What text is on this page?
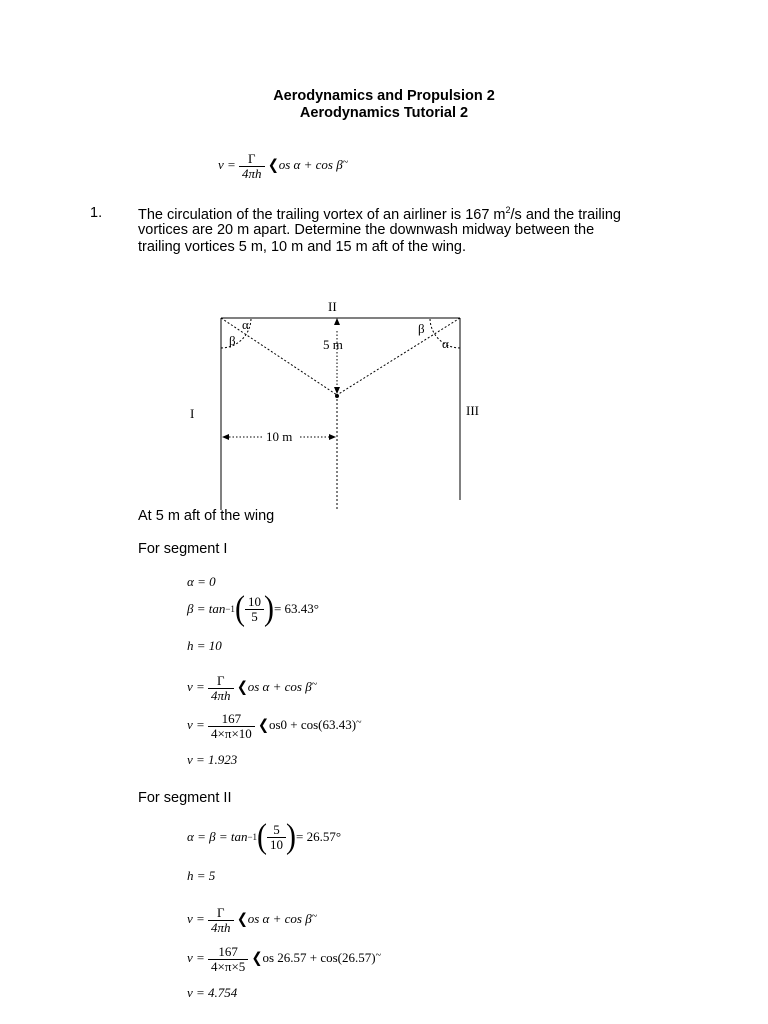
Aerodynamics and Propulsion 2
Aerodynamics Tutorial 2
$v = \frac{\Gamma}{4\pi h}$ ❮os α + cos β~
1. The circulation of the trailing vortex of an airliner is 167 $m^2/s$ and the trailing
vortices are 20 m apart. Determine the downwash midway between the
trailing vortices 5 m, 10 m and 15 m aft of the wing.
II
I	III
α
β
β
α
5 m
10 m
At 5 m aft of the wing
For segment I
α = 0
β = tan −1 ( $\frac{10}{5}$ ) = 63.43°
h = 10
$v = \frac{\Gamma}{4\pi h}$ ❮os α + cos β~
$v = \frac{167}{4\times\pi\times 10}$ ❮os0 + cos(63.43)~
v = 1.923
For segment II
α = β = tan −1 ( $\frac{5}{10}$ ) = 26.57°
h = 5
$v = \frac{\Gamma}{4\pi h}$ ❮os α + cos β~
$v = \frac{167}{4\times\pi\times 5}$ ❮os 26.57 + cos(26.57)~
v = 4.754
